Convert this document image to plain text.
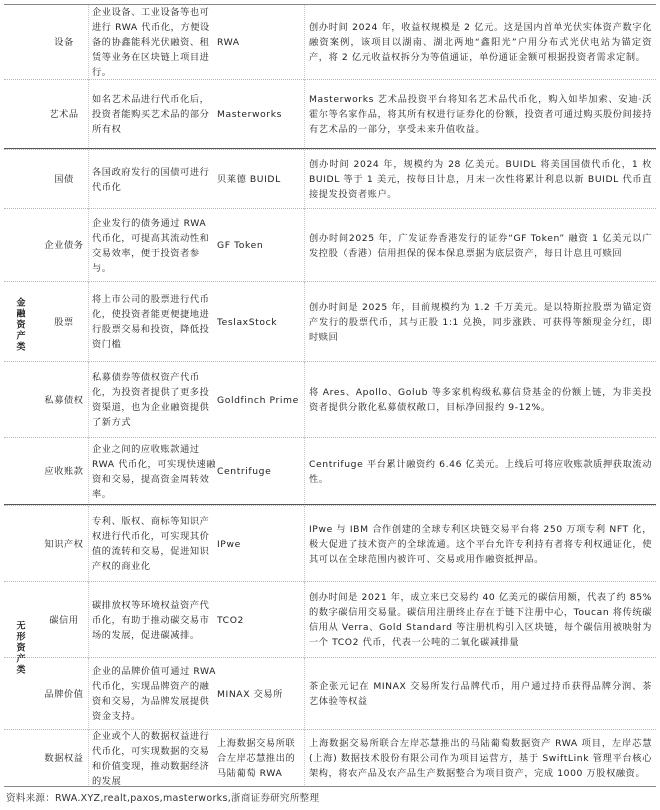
金融资产类
无形资产类
设备
企业设备、工业设备等也可进行 RWA 代币化，方便设备的协鑫能科光伏融资、租赁等业务在区块链上项目进行。
RWA
创办时间 2024 年，收益权规模是 2 亿元。这是国内首单光伏实体资产数字化融资案例，该项目以湖南、湖北两地“鑫阳光”户用分布式光伏电站为锚定资产，将 2 亿元收益权拆分为等值通证，单份通证金额可根据投资者需求定制。
艺术品
如名艺术品进行代币化后，投资者能购买艺术品的部分所有权
Masterworks
Masterworks 艺术品投资平台将知名艺术品代币化，购入如毕加索、安迪·沃霍尔等名家作品，将其所有权进行证券化的份额，投资者可通过购买股份间接持有艺术品的一部分，享受未来升值收益。
国债
各国政府发行的国债可进行代币化
贝莱德 BUIDL
创办时间 2024 年，规模约为 28 亿美元。BUIDL 将美国国债代币化，1 枚 BUIDL 等于 1 美元，按每日计息，月末一次性将累计利息以新 BUIDL 代币直接提发投资者账户。
企业债务
企业发行的债务通过 RWA 代币化，可提高其流动性和交易效率，便于投资者参与。
GF Token
创办时间2025 年，广发证券香港发行的证券“GF Token” 融资 1 亿美元以广发控股（香港）信用担保的保本保息票据为底层资产，每日计息且可赎回
股票
将上市公司的股票进行代币化，使投资者能更便捷地进行股票交易和投资，降低投资门槛
TeslaxStock
创办时间是 2025 年，目前规模约为 1.2 千万美元。是以特斯拉股票为锚定资产发行的股票代币，其与正股 1:1 兑换，同步涨跌、可获得等额现金分红，即时赎回
私募债权
私募债券等债权资产代币化，为投资者提供了更多投资渠道，也为企业融资提供了新方式
Goldfinch Prime
将 Ares、Apollo、Golub 等多家机构级私募信贷基金的份额上链，为非美投资者提供分散化私募债权敞口，目标净回报约 9-12%。
应收账款
企业之间的应收账款通过 RWA 代币化，可实现快速融资和交易，提高资金周转效率。
Centrifuge
Centrifuge 平台累计融资约 6.46 亿美元。上线后可将应收账款质押获取流动性。
知识产权
专利、版权、商标等知识产权进行代币化，可实现其价值的流转和交易，促进知识产权的商业化
IPwe
IPwe 与 IBM 合作创建的全球专利区块链交易平台将 250 万项专利 NFT 化，极大促进了技术资产的全球流通。这个平台允许专利持有者将专利权通证化，使其可以在全球范围内被许可、交易或用作融资抵押品。
碳信用
碳排放权等环境权益资产代币化，有助于推动碳交易市场的发展，促进碳减排。
TCO2
创办时间是 2021 年，成立来已交易约 40 亿美元的碳信用额，代表了约 85%的数字碳信用交易量。碳信用注册终止存在于链下注册中心，Toucan 将传统碳信用从 Verra、Gold Standard 等注册机构引入区块链，每个碳信用被映射为一个 TCO2 代币，代表一公吨的二氧化碳减排量
品牌价值
企业的品牌价值可通过 RWA 代币化，实现品牌资产的融资和交易，为品牌发展提供资金支持。
MINAX 交易所
茶企张元记在 MINAX 交易所发行品牌代币，用户通过持币获得品牌分润、茶艺体验等权益
数据权益
企业或个人的数据权益进行代币化，可实现数据的交易和价值变现，推动数据经济的发展
上海数据交易所联合左岸芯慧推出的马陆葡萄 RWA
上海数据交易所联合左岸芯慧推出的马陆葡萄数据资产 RWA 项目，左岸芯慧(上海) 数据技术股份有限公司作为项目运营方，基于 SwiftLink 管理平台核心架构，将农产品及农产品生产数据整合为项目资产，完成 1000 万股权融资。
资料来源：RWA.XYZ,realt,paxos,masterworks,浙商证券研究所整理
